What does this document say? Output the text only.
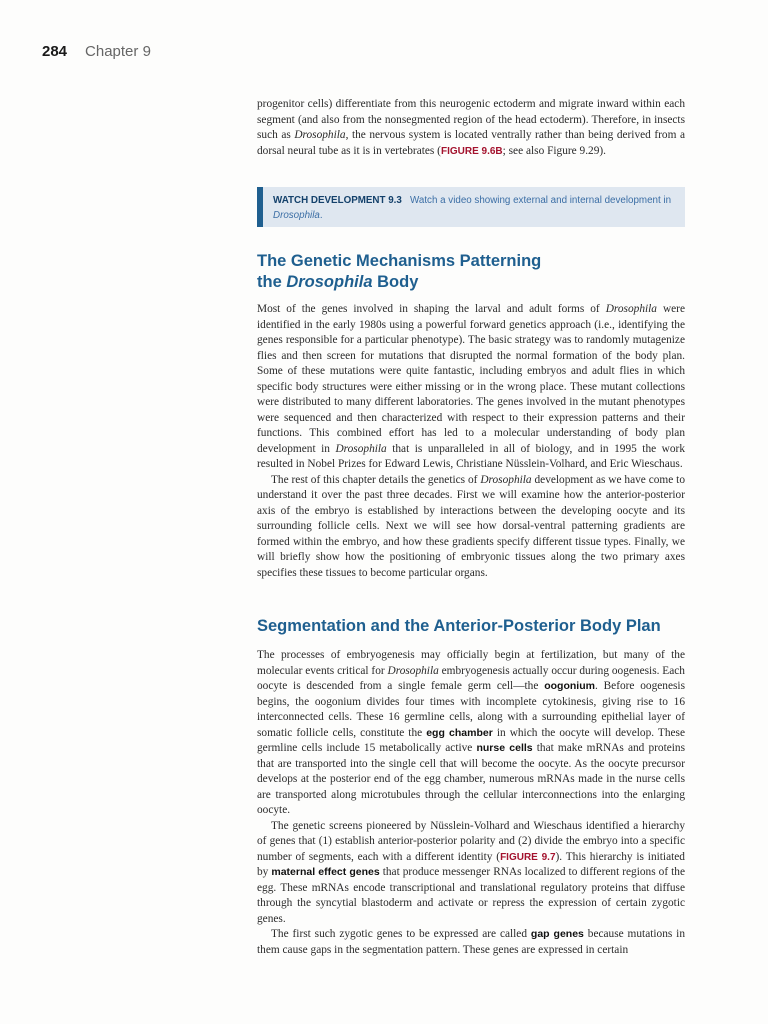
284 Chapter 9

progenitor cells) differentiate from this neurogenic ectoderm and migrate inward within each segment (and also from the nonsegmented region of the head ectoderm). Therefore, in insects such as Drosophila, the nervous system is located ventrally rather than being derived from a dorsal neural tube as it is in vertebrates (FIGURE 9.6B; see also Figure 9.29).

WATCH DEVELOPMENT 9.3 Watch a video showing external and internal development in Drosophila.
The Genetic Mechanisms Patterning
the Drosophila Body

Most of the genes involved in shaping the larval and adult forms of Drosophila were identified in the early 1980s using a powerful forward genetics approach (i.e., identifying the genes responsible for a particular phenotype). The basic strategy was to randomly mutagenize flies and then screen for mutations that disrupted the normal formation of the body plan. Some of these mutations were quite fantastic, including embryos and adult flies in which specific body structures were either missing or in the wrong place. These mutant collections were distributed to many different laboratories. The genes involved in the mutant phenotypes were sequenced and then characterized with respect to their expression patterns and their functions. This combined effort has led to a molecular understanding of body plan development in Drosophila that is unparalleled in all of biology, and in 1995 the work resulted in Nobel Prizes for Edward Lewis, Christiane Nüsslein-Volhard, and Eric Wieschaus.

The rest of this chapter details the genetics of Drosophila development as we have come to understand it over the past three decades. First we will examine how the anterior-posterior axis of the embryo is established by interactions between the developing oocyte and its surrounding follicle cells. Next we will see how dorsal-ventral patterning gradients are formed within the embryo, and how these gradients specify different tissue types. Finally, we will briefly show how the positioning of embryonic tissues along the two primary axes specifies these tissues to become particular organs.

Segmentation and the Anterior-Posterior Body Plan

The processes of embryogenesis may officially begin at fertilization, but many of the molecular events critical for Drosophila embryogenesis actually occur during oogenesis. Each oocyte is descended from a single female germ cell—the oogonium. Before oogenesis begins, the oogonium divides four times with incomplete cytokinesis, giving rise to 16 interconnected cells. These 16 germline cells, along with a surrounding epithelial layer of somatic follicle cells, constitute the egg chamber in which the oocyte will develop. These germline cells include 15 metabolically active nurse cells that make mRNAs and proteins that are transported into the single cell that will become the oocyte. As the oocyte precursor develops at the posterior end of the egg chamber, numerous mRNAs made in the nurse cells are transported along microtubules through the cellular interconnections into the enlarging oocyte.

The genetic screens pioneered by Nüsslein-Volhard and Wieschaus identified a hierarchy of genes that (1) establish anterior-posterior polarity and (2) divide the embryo into a specific number of segments, each with a different identity (FIGURE 9.7). This hierarchy is initiated by maternal effect genes that produce messenger RNAs localized to different regions of the egg. These mRNAs encode transcriptional and translational regulatory proteins that diffuse through the syncytial blastoderm and activate or repress the expression of certain zygotic genes.

The first such zygotic genes to be expressed are called gap genes because mutations in them cause gaps in the segmentation pattern. These genes are expressed in certain
